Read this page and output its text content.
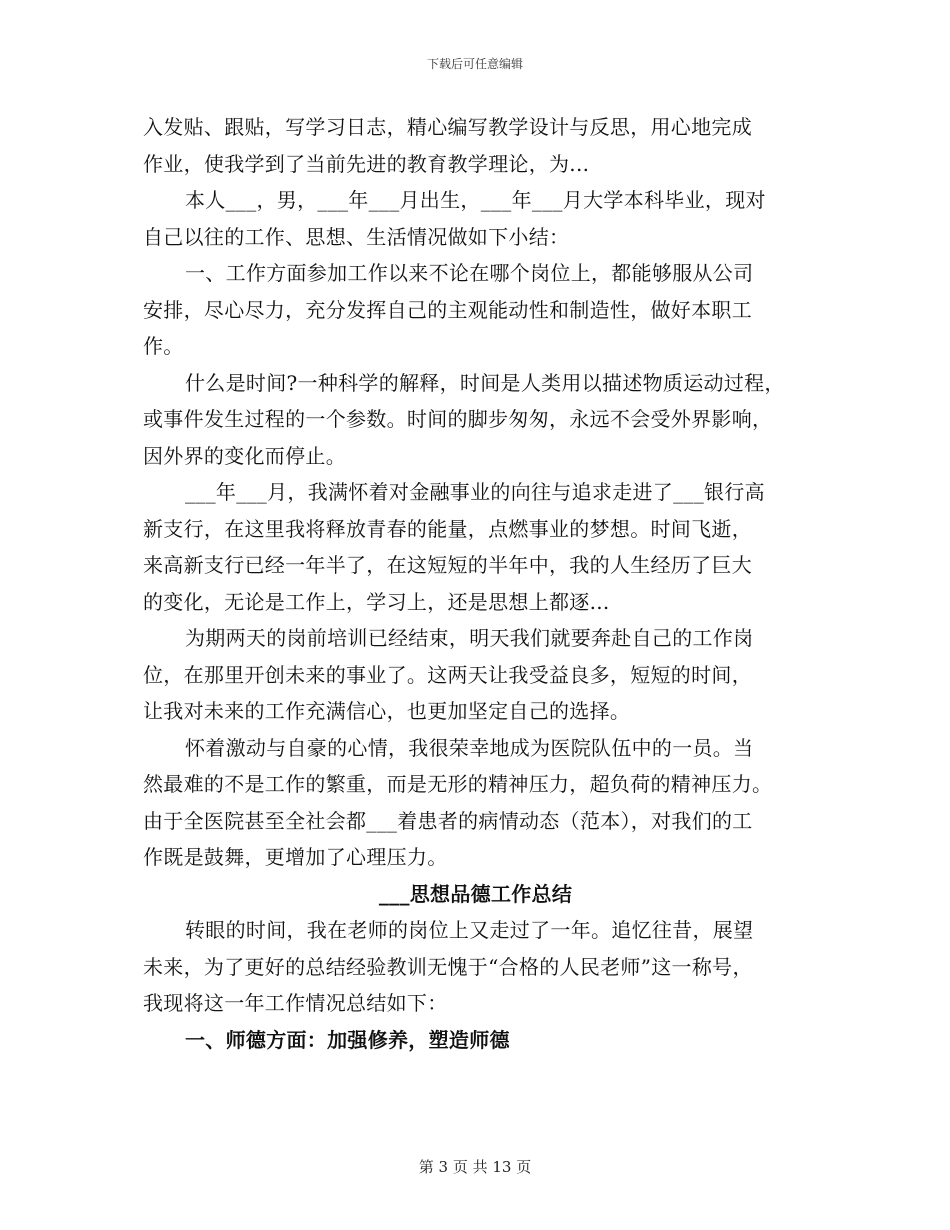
下载后可任意编辑
入发贴、跟贴，写学习日志，精心编写教学设计与反思，用心地完成
作业，使我学到了当前先进的教育教学理论，为...
本人___，男，___年___月出生，___年___月大学本科毕业，现对
自己以往的工作、思想、生活情况做如下小结：
一、工作方面参加工作以来不论在哪个岗位上，都能够服从公司
安排，尽心尽力，充分发挥自己的主观能动性和制造性，做好本职工
作。
什么是时间?一种科学的解释，时间是人类用以描述物质运动过程，
或事件发生过程的一个参数。时间的脚步匆匆，永远不会受外界影响，
因外界的变化而停止。
___年___月，我满怀着对金融事业的向往与追求走进了___银行高
新支行，在这里我将释放青春的能量，点燃事业的梦想。时间飞逝，
来高新支行已经一年半了，在这短短的半年中，我的人生经历了巨大
的变化，无论是工作上，学习上，还是思想上都逐...
为期两天的岗前培训已经结束，明天我们就要奔赴自己的工作岗
位，在那里开创未来的事业了。这两天让我受益良多，短短的时间，
让我对未来的工作充满信心，也更加坚定自己的选择。
怀着激动与自豪的心情，我很荣幸地成为医院队伍中的一员。当
然最难的不是工作的繁重，而是无形的精神压力，超负荷的精神压力。
由于全医院甚至全社会都___着患者的病情动态（范本），对我们的工
作既是鼓舞，更增加了心理压力。
___思想品德工作总结
转眼的时间，我在老师的岗位上又走过了一年。追忆往昔，展望
未来，为了更好的总结经验教训无愧于“合格的人民老师”这一称号，
我现将这一年工作情况总结如下：
一、师德方面：加强修养，塑造师德
第 3 页 共 13 页
